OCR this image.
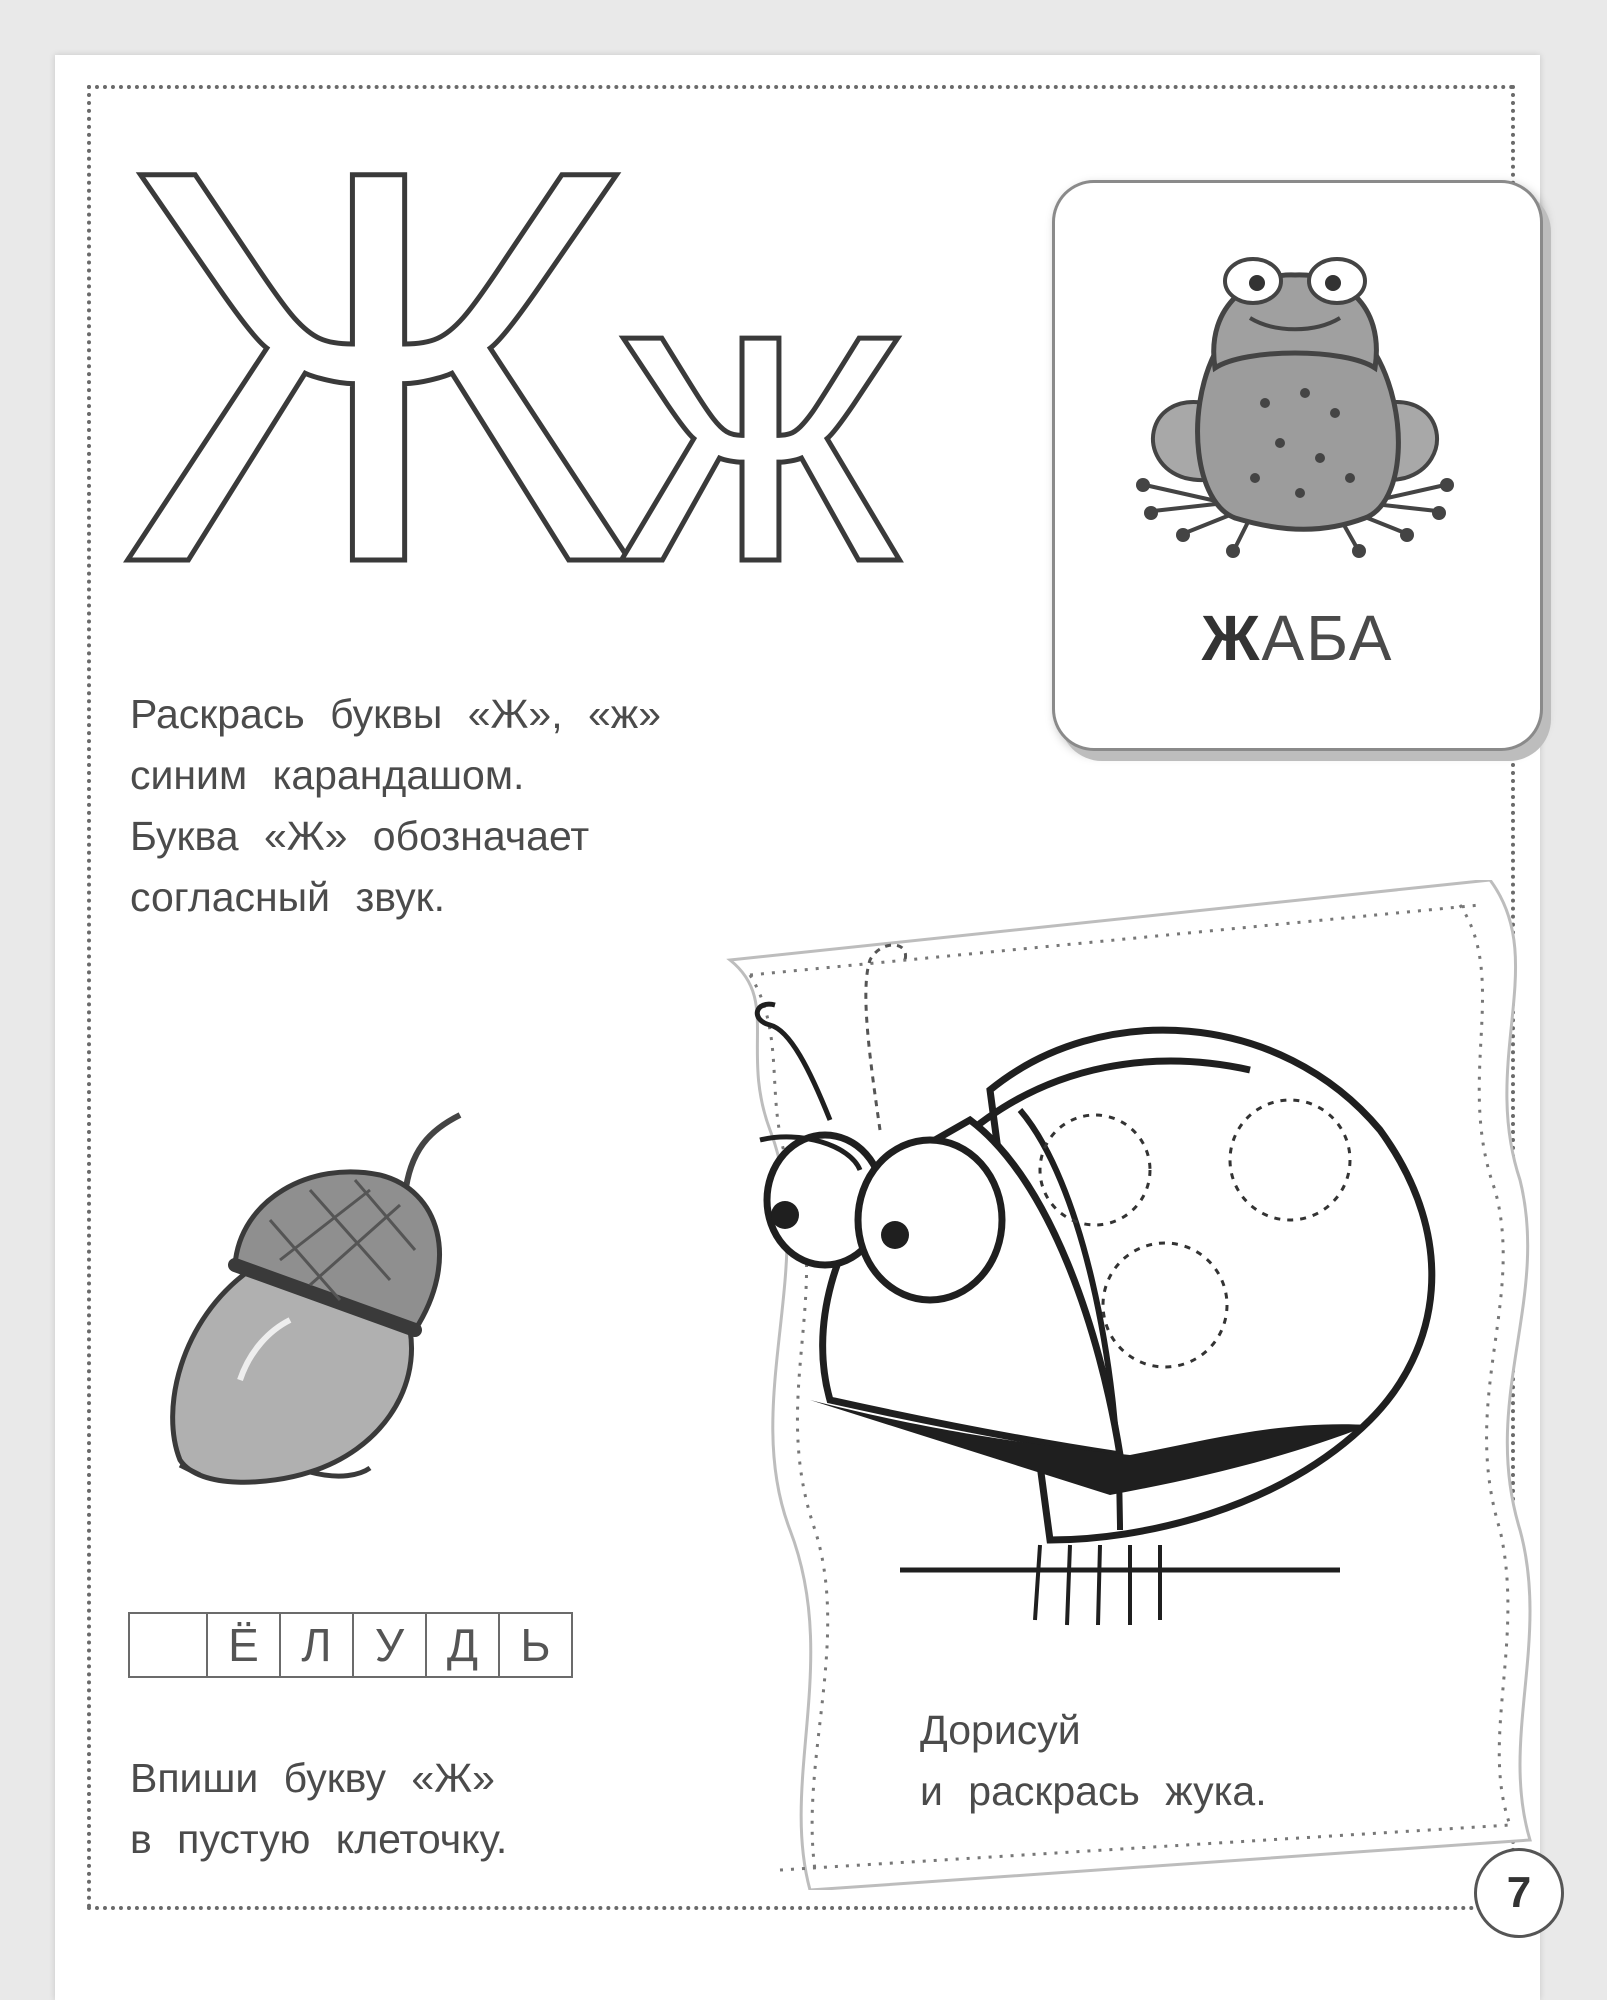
Ж
ж	ЖАБА

Раскрась буквы «Ж», «ж»
синим карандашом.
Буква «Ж» обозначает
согласный звук.

Ё Л У Д Ь

Впиши букву «Ж»
в пустую клеточку.

Дорисуй
и раскрась жука.

7
